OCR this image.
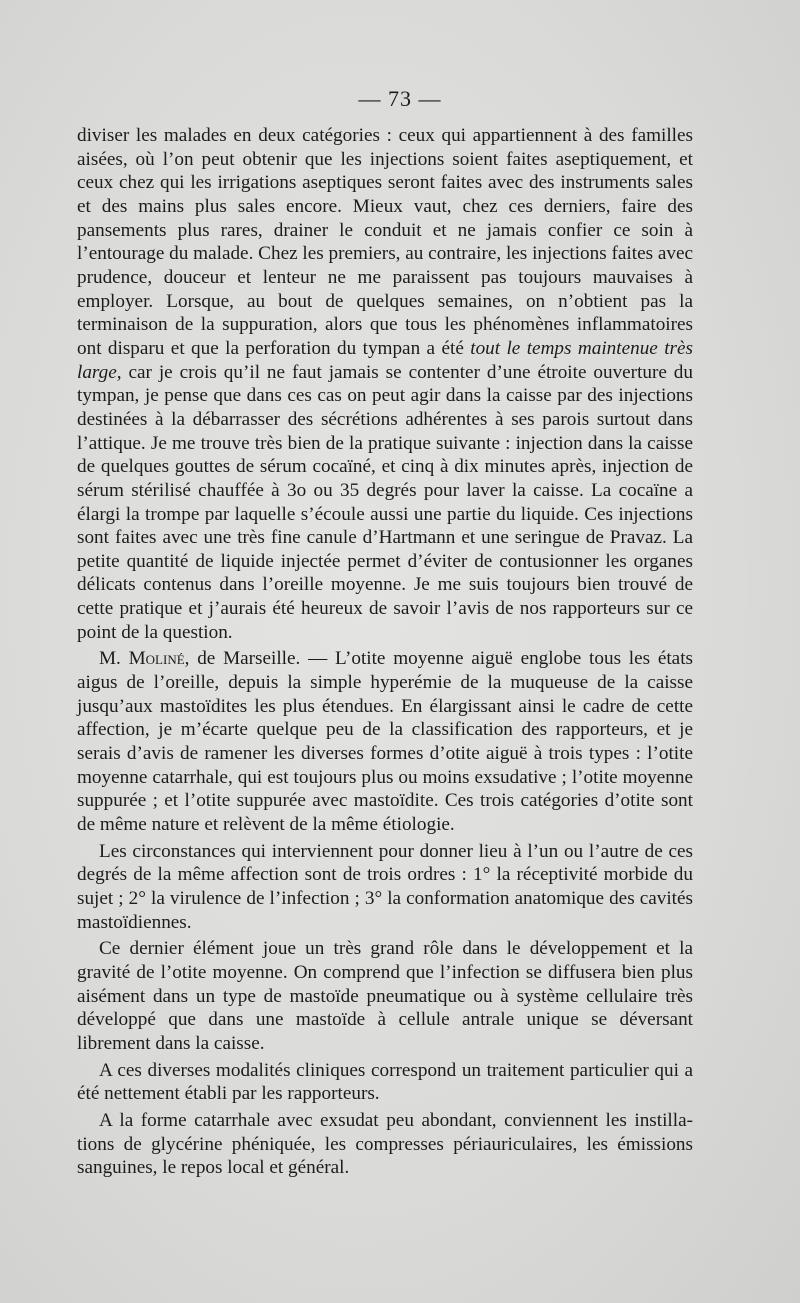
— 73 —

diviser les malades en deux catégories : ceux qui appartiennent à des familles aisées, où l’on peut obtenir que les injections soient faites aseptiquement, et ceux chez qui les irrigations aseptiques seront faites avec des instruments sales et des mains plus sales encore. Mieux vaut, chez ces derniers, faire des pansements plus rares, drainer le conduit et ne jamais confier ce soin à l’entourage du malade. Chez les premiers, au contraire, les injections faites avec prudence, douceur et lenteur ne me paraissent pas toujours mauvaises à employer. Lorsque, au bout de quelques semaines, on n’obtient pas la terminaison de la suppuration, alors que tous les phénomènes inflammatoires ont disparu et que la perforation du tympan a été tout le temps maintenue très large, car je crois qu’il ne faut jamais se contenter d’une étroite ouverture du tympan, je pense que dans ces cas on peut agir dans la caisse par des injections destinées à la débarrasser des sécrétions adhérentes à ses parois surtout dans l’attique. Je me trouve très bien de la pratique suivante : injection dans la caisse de quelques gouttes de sérum cocaïné, et cinq à dix minutes après, injection de sérum stérilisé chauffée à 3o ou 35 degrés pour laver la caisse. La cocaïne a élargi la trompe par laquelle s’écoule aussi une partie du liquide. Ces injections sont faites avec une très fine canule d’Hartmann et une seringue de Pravaz. La petite quantité de liquide injectée permet d’éviter de contusionner les organes délicats contenus dans l’oreille moyenne. Je me suis toujours bien trouvé de cette pratique et j’aurais été heureux de savoir l’avis de nos rapporteurs sur ce point de la question.

M. Moliné, de Marseille. — L’otite moyenne aiguë englobe tous les états aigus de l’oreille, depuis la simple hyperémie de la muqueuse de la caisse jusqu’aux mastoïdites les plus étendues. En élargissant ainsi le cadre de cette affection, je m’écarte quelque peu de la classification des rapporteurs, et je serais d’avis de ramener les diverses formes d’otite aiguë à trois types : l’otite moyenne catarrhale, qui est toujours plus ou moins exsudative ; l’otite moyenne suppurée ; et l’otite suppurée avec mastoïdite. Ces trois catégories d’otite sont de même nature et relèvent de la même étiologie.

Les circonstances qui interviennent pour donner lieu à l’un ou l’autre de ces degrés de la même affection sont de trois ordres : 1° la réceptivité morbide du sujet ; 2° la virulence de l’infection ; 3° la conformation anatomique des cavités mastoïdiennes.

Ce dernier élément joue un très grand rôle dans le développement et la gravité de l’otite moyenne. On comprend que l’infection se diffusera bien plus aisément dans un type de mastoïde pneumatique ou à système cellulaire très développé que dans une mastoïde à cellule antrale unique se déversant librement dans la caisse.

A ces diverses modalités cliniques correspond un traitement particulier qui a été nettement établi par les rapporteurs.

A la forme catarrhale avec exsudat peu abondant, conviennent les instillations de glycérine phéniquée, les compresses périauriculaires, les émissions sanguines, le repos local et général.
